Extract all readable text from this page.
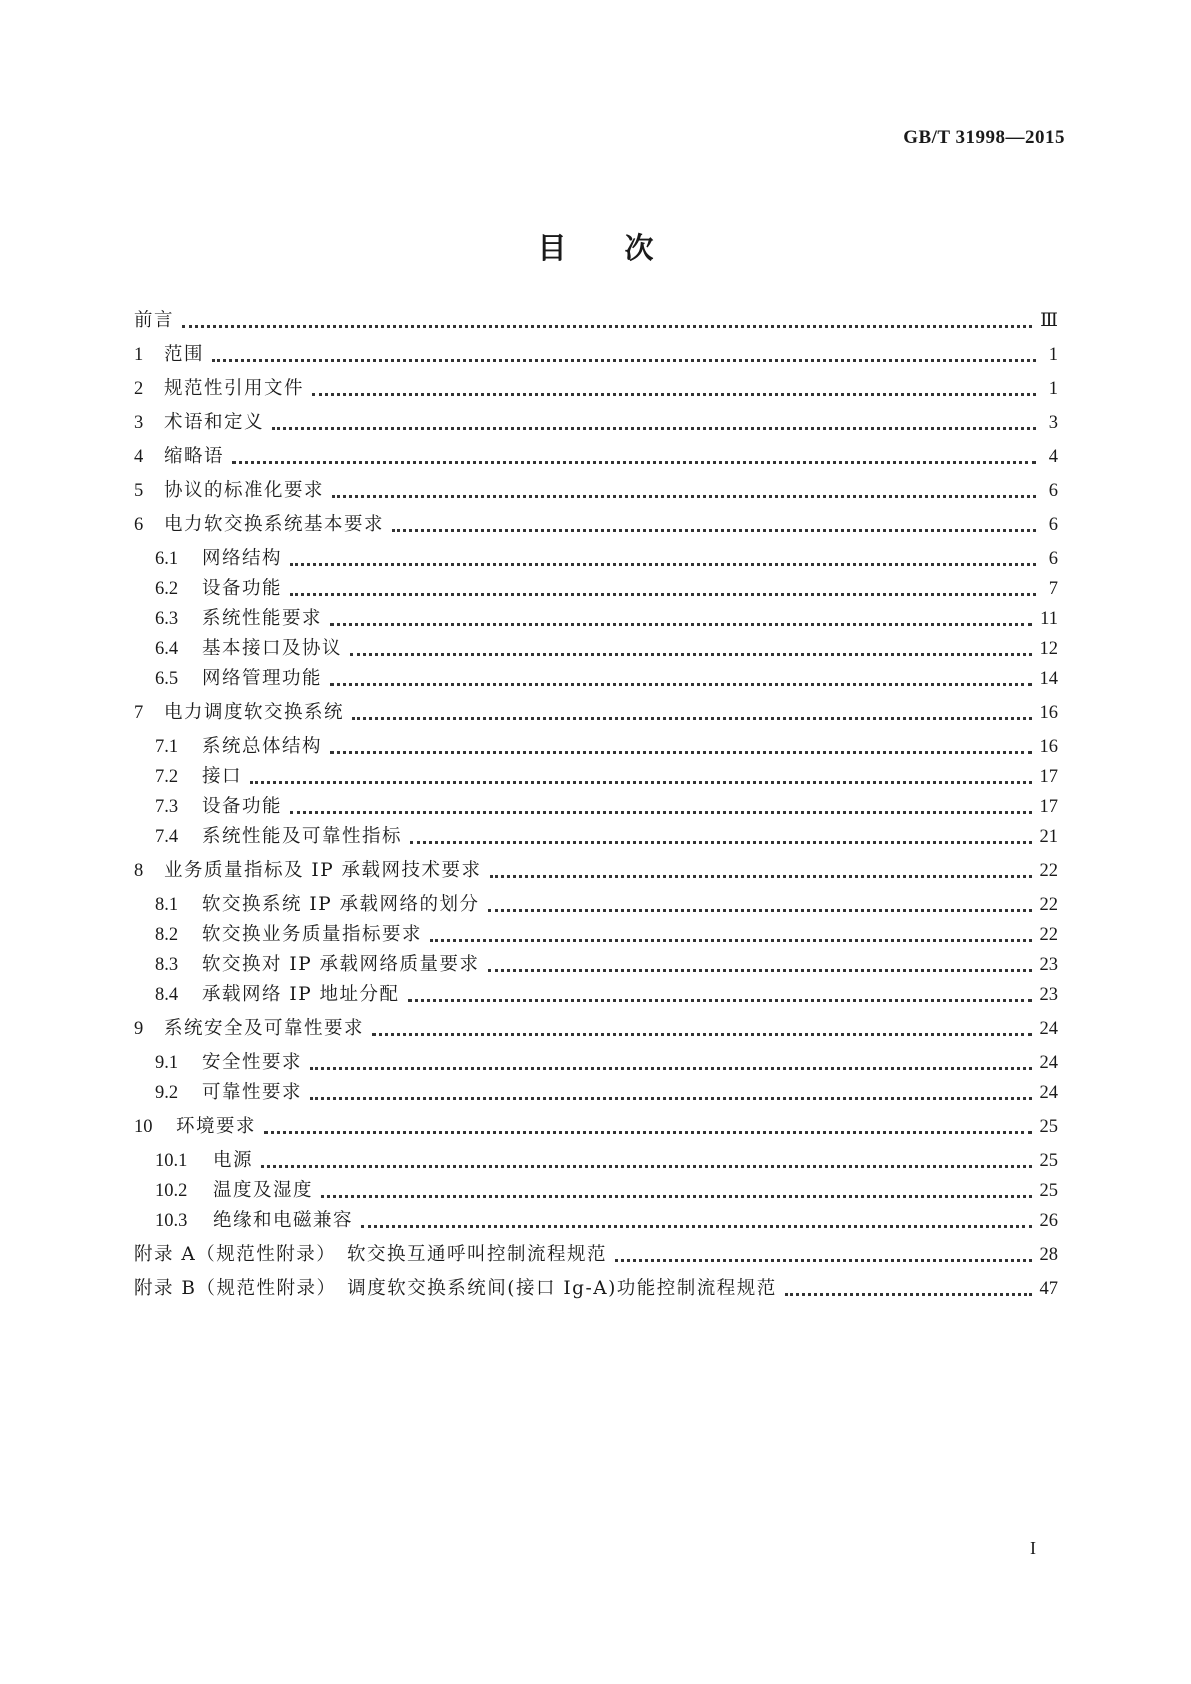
GB/T 31998—2015
目次
前言	Ⅲ
1	范围	1
2	规范性引用文件	1
3	术语和定义	3
4	缩略语	4
5	协议的标准化要求	6
6	电力软交换系统基本要求	6
6.1	网络结构	6
6.2	设备功能	7
6.3	系统性能要求	11
6.4	基本接口及协议	12
6.5	网络管理功能	14
7	电力调度软交换系统	16
7.1	系统总体结构	16
7.2	接口	17
7.3	设备功能	17
7.4	系统性能及可靠性指标	21
8	业务质量指标及 IP 承载网技术要求	22
8.1	软交换系统 IP 承载网络的划分	22
8.2	软交换业务质量指标要求	22
8.3	软交换对 IP 承载网络质量要求	23
8.4	承载网络 IP 地址分配	23
9	系统安全及可靠性要求	24
9.1	安全性要求	24
9.2	可靠性要求	24
10	环境要求	25
10.1	电源	25
10.2	温度及湿度	25
10.3	绝缘和电磁兼容	26
附录 A（规范性附录）　软交换互通呼叫控制流程规范	28
附录 B（规范性附录）　调度软交换系统间(接口 Ig-A)功能控制流程规范	47
I
